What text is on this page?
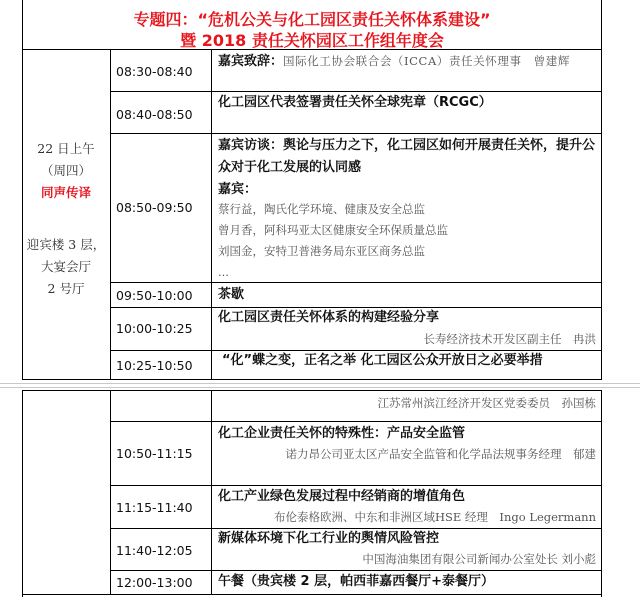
专题四：“危机公关与化工园区责任关怀体系建设”
暨 2018 责任关怀园区工作组年度会
22 日上午
（周四）
同声传译
迎宾楼 3 层，
大宴会厅
2 号厅
08:30-08:40
嘉宾致辞：国际化工协会联合会（ICCA）责任关怀理事　曾建辉
08:40-08:50
化工园区代表签署责任关怀全球宪章（RCGC）
08:50-09:50
嘉宾访谈：舆论与压力之下，化工园区如何开展责任关怀，提升公众对于化工发展的认同感
嘉宾：
蔡行益，陶氏化学环境、健康及安全总监
曾月香，阿科玛亚太区健康安全环保质量总监
刘国金，安特卫普港务局东亚区商务总监
...
09:50-10:00 茶歇
10:00-10:25
化工园区责任关怀体系的构建经验分享
长寿经济技术开发区副主任　冉洪
10:25-10:50 “化”蝶之变，正名之举 化工园区公众开放日之必要举措
江苏常州滨江经济开发区党委委员　孙国栋
10:50-11:15
化工企业责任关怀的特殊性：产品安全监管
诺力昂公司亚太区产品安全监管和化学品法规事务经理　郁建
11:15-11:40
化工产业绿色发展过程中经销商的增值角色
布伦泰格欧洲、中东和非洲区域HSE 经理　Ingo Legermann
11:40-12:05
新媒体环境下化工行业的舆情风险管控
中国海油集团有限公司新闻办公室处长 刘小彪
12:00-13:00 午餐（贵宾楼 2 层，帕西菲嘉西餐厅+泰餐厅）
